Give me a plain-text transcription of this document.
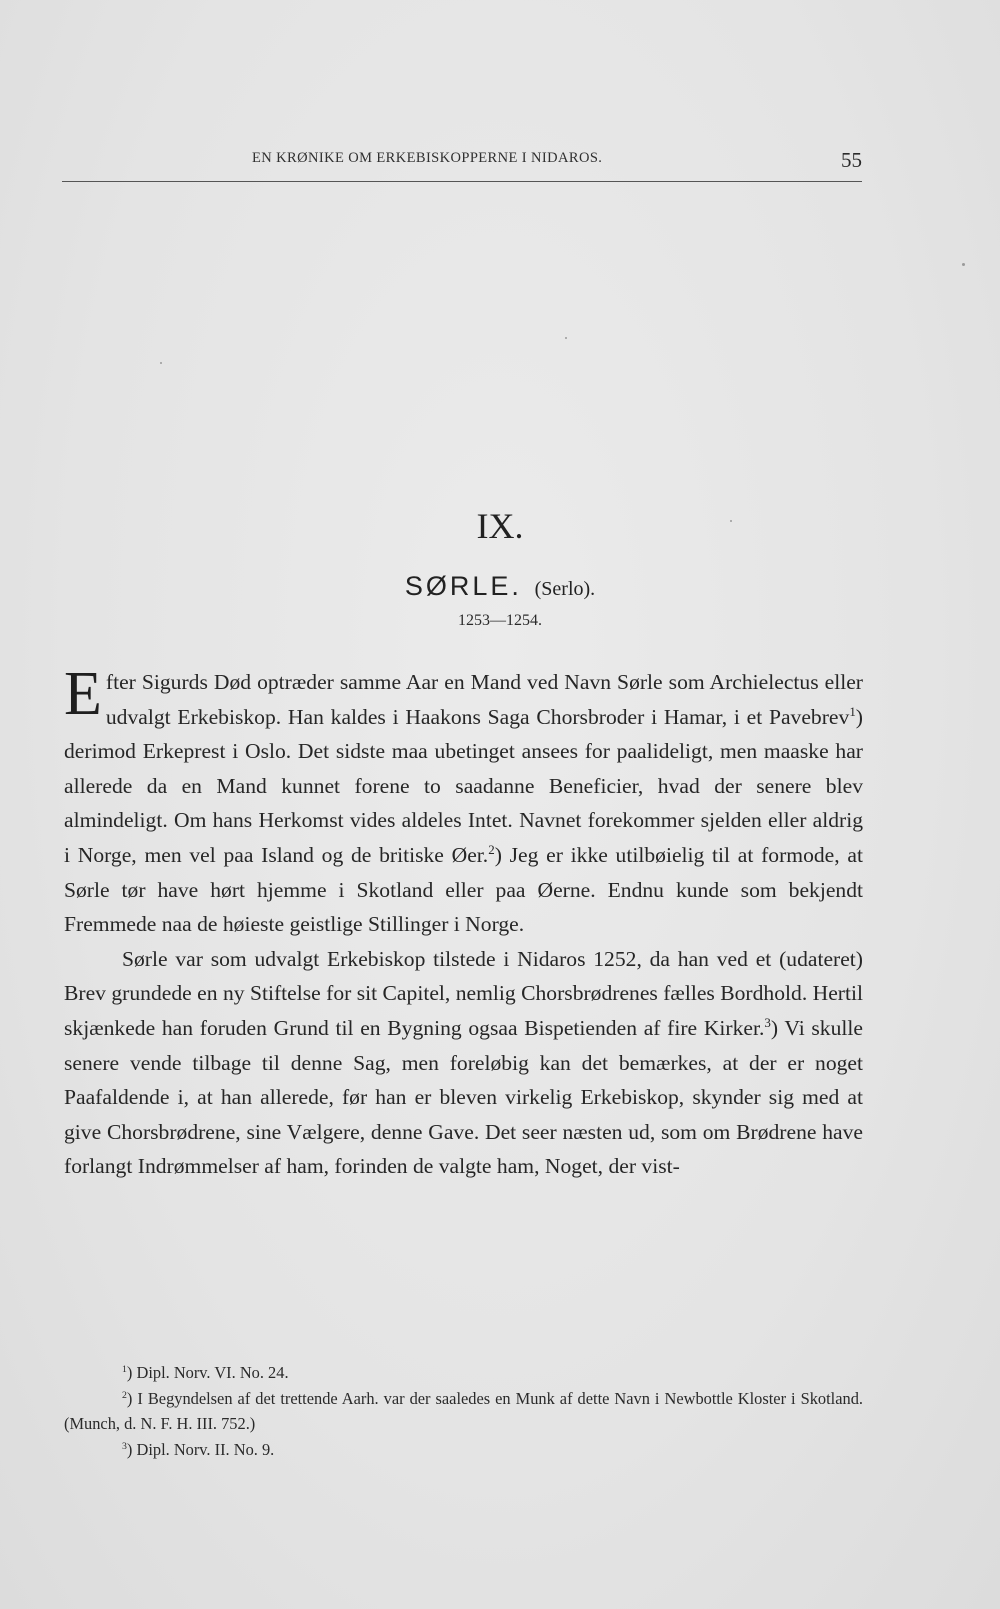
EN KRØNIKE OM ERKEBISKOPPERNE I NIDAROS.	55
IX.
SØRLE. (Serlo).
1253—1254.

Efter Sigurds Død optræder samme Aar en Mand ved Navn Sørle som Archielectus eller udvalgt Erkebiskop. Han kaldes i Haakons Saga Chorsbroder i Hamar, i et Pavebrev$^1$) derimod Erkeprest i Oslo. Det sidste maa ubetinget ansees for paalideligt, men maaske har allerede da en Mand kunnet forene to saadanne Beneficier, hvad der senere blev almindeligt. Om hans Herkomst vides aldeles Intet. Navnet forekommer sjelden eller aldrig i Norge, men vel paa Island og de britiske Øer.$^2$) Jeg er ikke utilbøielig til at formode, at Sørle tør have hørt hjemme i Skotland eller paa Øerne. Endnu kunde som bekjendt Fremmede naa de høieste geistlige Stillinger i Norge.

Sørle var som udvalgt Erkebiskop tilstede i Nidaros 1252, da han ved et (udateret) Brev grundede en ny Stiftelse for sit Capitel, nemlig Chorsbrødrenes fælles Bordhold. Hertil skjænkede han foruden Grund til en Bygning ogsaa Bispetienden af fire Kirker.$^3$) Vi skulle senere vende tilbage til denne Sag, men foreløbig kan det bemærkes, at der er noget Paafaldende i, at han allerede, før han er bleven virkelig Erkebiskop, skynder sig med at give Chorsbrødrene, sine Vælgere, denne Gave. Det seer næsten ud, som om Brødrene have forlangt Indrømmelser af ham, forinden de valgte ham, Noget, der vist-

$^1$) Dipl. Norv. VI. No. 24.

$^2$) I Begyndelsen af det trettende Aarh. var der saaledes en Munk af dette Navn i Newbottle Kloster i Skotland. (Munch, d. N. F. H. III. 752.)

$^3$) Dipl. Norv. II. No. 9.
